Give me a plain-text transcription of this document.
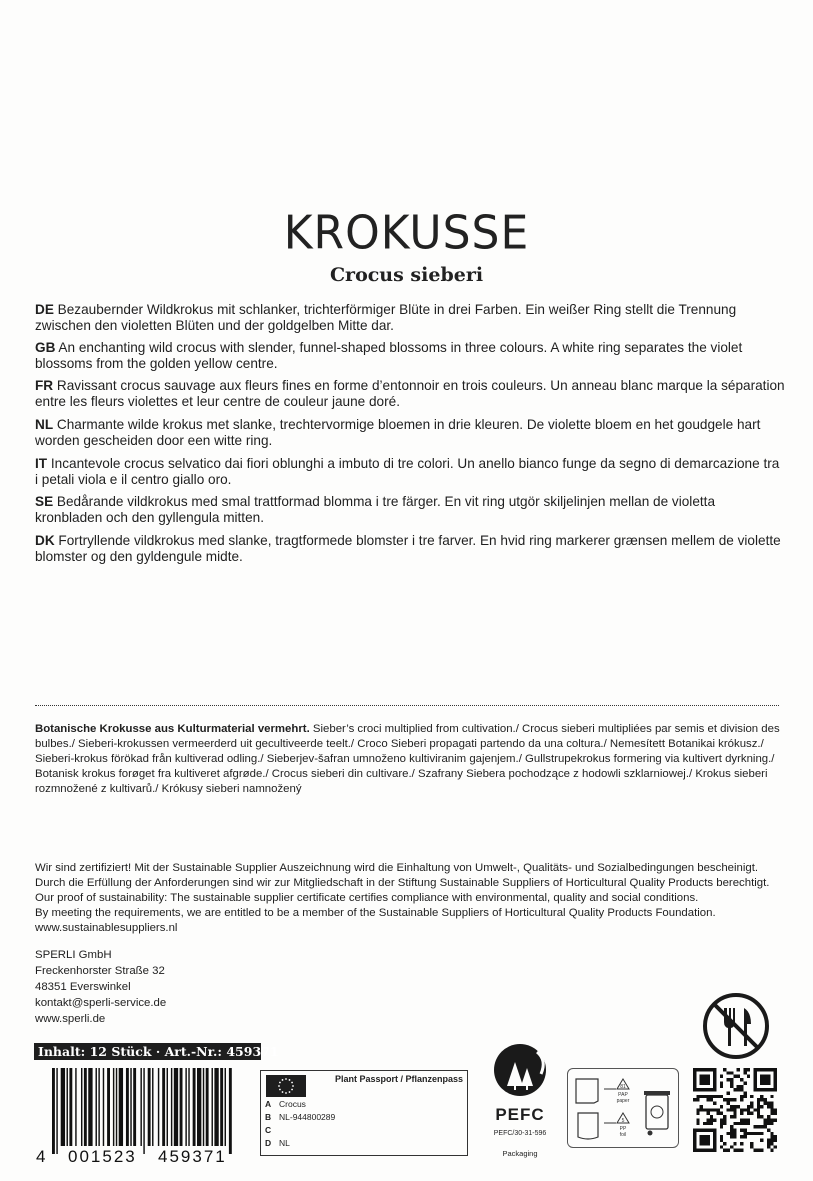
KROKUSSE
Crocus sieberi
DE Bezaubernder Wildkrokus mit schlanker, trichterförmiger Blüte in drei Farben. Ein weißer Ring stellt die Trennung zwischen den violetten Blüten und der goldgelben Mitte dar.
GB An enchanting wild crocus with slender, funnel-shaped blossoms in three colours. A white ring separates the violet blossoms from the golden yellow centre.
FR Ravissant crocus sauvage aux fleurs fines en forme d’entonnoir en trois couleurs. Un anneau blanc marque la séparation entre les fleurs violettes et leur centre de couleur jaune doré.
NL Charmante wilde krokus met slanke, trechtervormige bloemen in drie kleuren. De violette bloem en het goudgele hart worden gescheiden door een witte ring.
IT Incantevole crocus selvatico dai fiori oblunghi a imbuto di tre colori. Un anello bianco funge da segno di demarcazione tra i petali viola e il centro giallo oro.
SE Bedårande vildkrokus med smal trattformad blomma i tre färger. En vit ring utgör skiljelinjen mellan de violetta kronbladen och den gyllengula mitten.
DK Fortryllende vildkrokus med slanke, tragtformede blomster i tre farver. En hvid ring markerer grænsen mellem de violette blomster og den gyldengule midte.
Botanische Krokusse aus Kulturmaterial vermehrt. Sieber’s croci multiplied from cultivation./ Crocus sieberi multipliées par semis et division des bulbes./ Sieberi-krokussen vermeerderd uit gecultiveerde teelt./ Croco Sieberi propagati partendo da una coltura./ Nemesített Botanikai krókusz./ Sieberi-krokus förökad från kultiverad odling./ Sieberjev-šafran umnoženo kultiviranim gajenjem./ Gullstrupekrokus formering via kultivert dyrkning./ Botanisk krokus forøget fra kultiveret afgrøde./ Crocus sieberi din cultivare./ Szafrany Siebera pochodzące z hodowli szklarniowej./ Krokus sieberi rozmnožené z kultivarů./ Krókusy sieberi namnožený

Wir sind zertifiziert! Mit der Sustainable Supplier Auszeichnung wird die Einhaltung von Umwelt-, Qualitäts- und Sozialbedingungen bescheinigt.

Durch die Erfüllung der Anforderungen sind wir zur Mitgliedschaft in der Stiftung Sustainable Suppliers of Horticultural Quality Products berechtigt.

Our proof of sustainability: The sustainable supplier certificate certifies compliance with environmental, quality and social conditions.

By meeting the requirements, we are entitled to be a member of the Sustainable Suppliers of Horticultural Quality Products Foundation.

www.sustainablesuppliers.nl

SPERLI GmbH

Freckenhorster Straße 32

48351 Everswinkel

kontakt@sperli-service.de

www.sperli.de

Inhalt: 12 Stück · Art.-Nr.: 459371
4 001523 459371
Plant Passport / Pflanzenpass
A Crocus
B NL-944800289
C
D NL
PEFC
PEFC/30-31-596
Packaging
81
PAP
paper
5
PP
foil
